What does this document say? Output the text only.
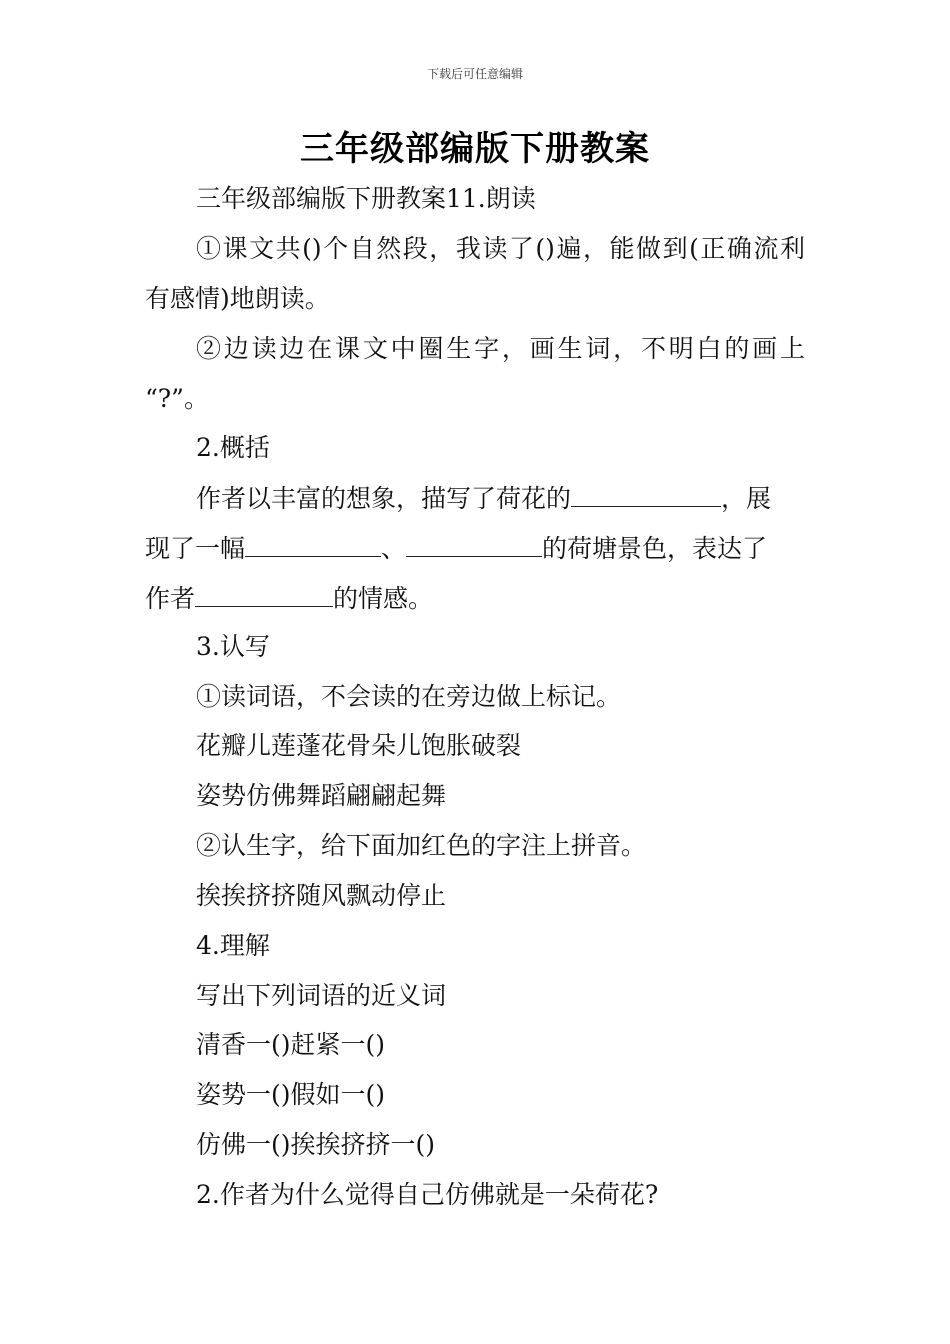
下载后可任意编辑
三年级部编版下册教案
三年级部编版下册教案11.朗读
①课文共()个自然段，我读了()遍，能做到(正确流利
有感情)地朗读。
②边读边在课文中圈生字，画生词，不明白的画上
“?”。
2.概括
作者以丰富的想象，描写了荷花的	，展
现了一幅	、	的荷塘景色，表达了
作者	的情感。
3.认写
①读词语，不会读的在旁边做上标记。
花瓣儿莲蓬花骨朵儿饱胀破裂
姿势仿佛舞蹈翩翩起舞
②认生字，给下面加红色的字注上拼音。
挨挨挤挤随风飘动停止
4.理解
写出下列词语的近义词
清香一()赶紧一()
姿势一()假如一()
仿佛一()挨挨挤挤一()
2.作者为什么觉得自己仿佛就是一朵荷花?
